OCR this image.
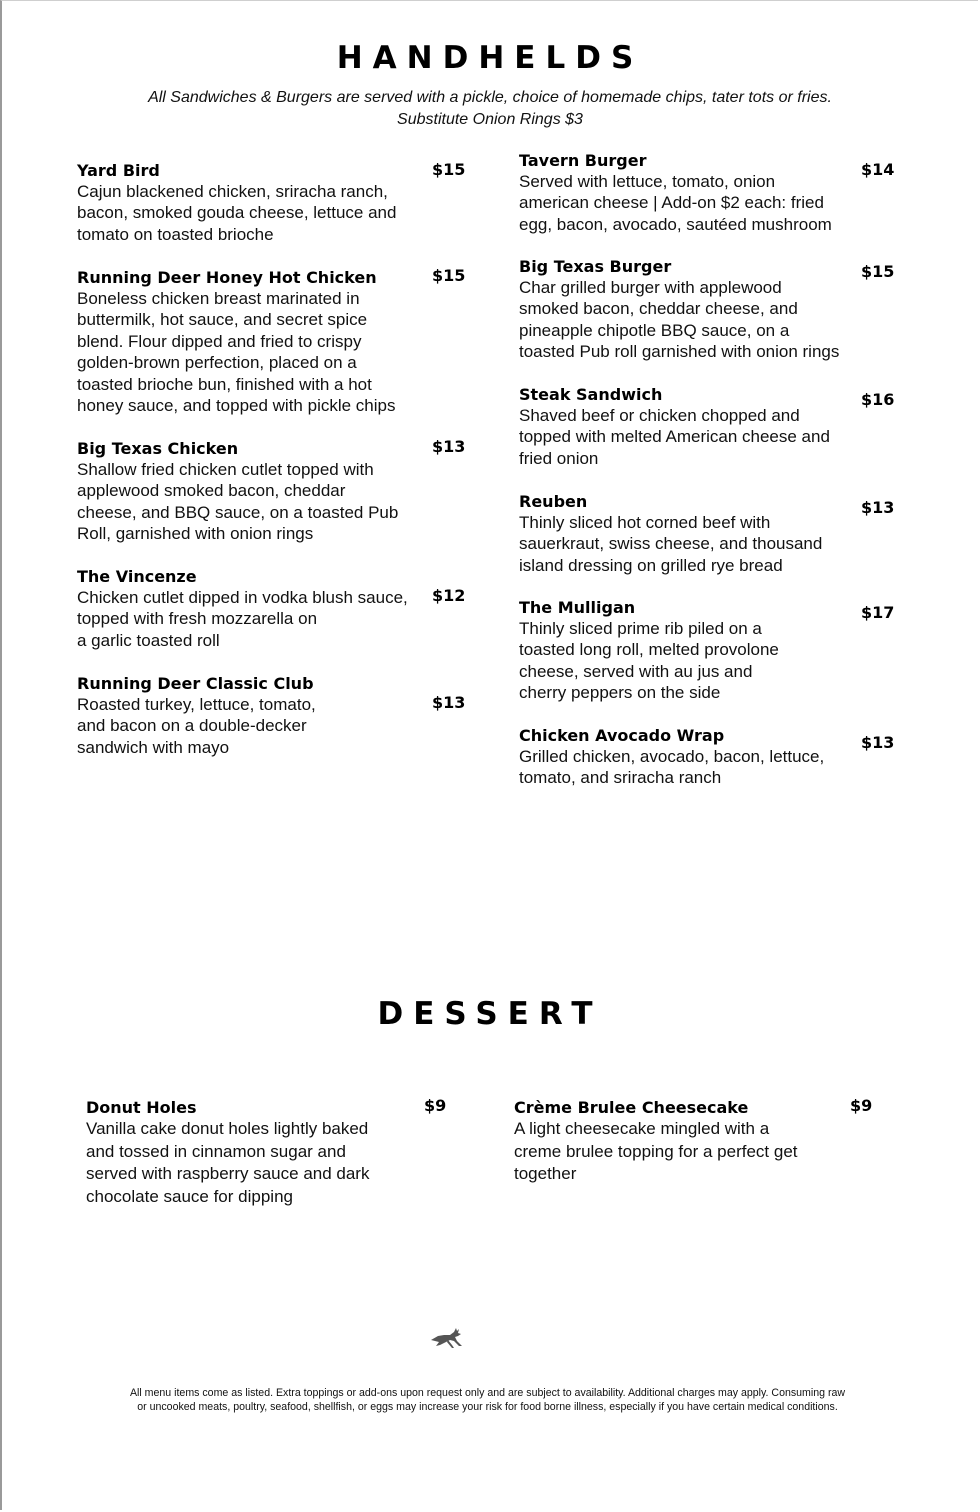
HANDHELDS
All Sandwiches & Burgers are served with a pickle, choice of homemade chips, tater tots or fries.
Substitute Onion Rings $3
Yard Bird
Cajun blackened chicken, sriracha ranch,
bacon, smoked gouda cheese, lettuce and
tomato on toasted brioche
$15
Running Deer Honey Hot Chicken
Boneless chicken breast marinated in
buttermilk, hot sauce, and secret spice
blend. Flour dipped and fried to crispy
golden-brown perfection, placed on a
toasted brioche bun, finished with a hot
honey sauce, and topped with pickle chips
$15
Big Texas Chicken
Shallow fried chicken cutlet topped with
applewood smoked bacon, cheddar
cheese, and BBQ sauce, on a toasted Pub
Roll, garnished with onion rings
$13
The Vincenze
Chicken cutlet dipped in vodka blush sauce,
topped with fresh mozzarella on
a garlic toasted roll
$12
Running Deer Classic Club
Roasted turkey, lettuce, tomato,
and bacon on a double-decker
sandwich with mayo
$13
Tavern Burger
Served with lettuce, tomato, onion
american cheese | Add-on $2 each: fried
egg, bacon, avocado, sautéed mushroom
$14
Big Texas Burger
Char grilled burger with applewood
smoked bacon, cheddar cheese, and
pineapple chipotle BBQ sauce, on a
toasted Pub roll garnished with onion rings
$15
Steak Sandwich
Shaved beef or chicken chopped and
topped with melted American cheese and
fried onion
$16
Reuben
Thinly sliced hot corned beef with
sauerkraut, swiss cheese, and thousand
island dressing on grilled rye bread
$13
The Mulligan
Thinly sliced prime rib piled on a
toasted long roll, melted provolone
cheese, served with au jus and
cherry peppers on the side
$17
Chicken Avocado Wrap
Grilled chicken, avocado, bacon, lettuce,
tomato, and sriracha ranch
$13
DESSERT
Donut Holes
Vanilla cake donut holes lightly baked
and tossed in cinnamon sugar and
served with raspberry sauce and dark
chocolate sauce for dipping
$9	Crème Brulee Cheesecake
A light cheesecake mingled with a
creme brulee topping for a perfect get
together
$9
All menu items come as listed. Extra toppings or add-ons upon request only and are subject to availability. Additional charges may apply. Consuming raw
or uncooked meats, poultry, seafood, shellfish, or eggs may increase your risk for food borne illness, especially if you have certain medical conditions.
